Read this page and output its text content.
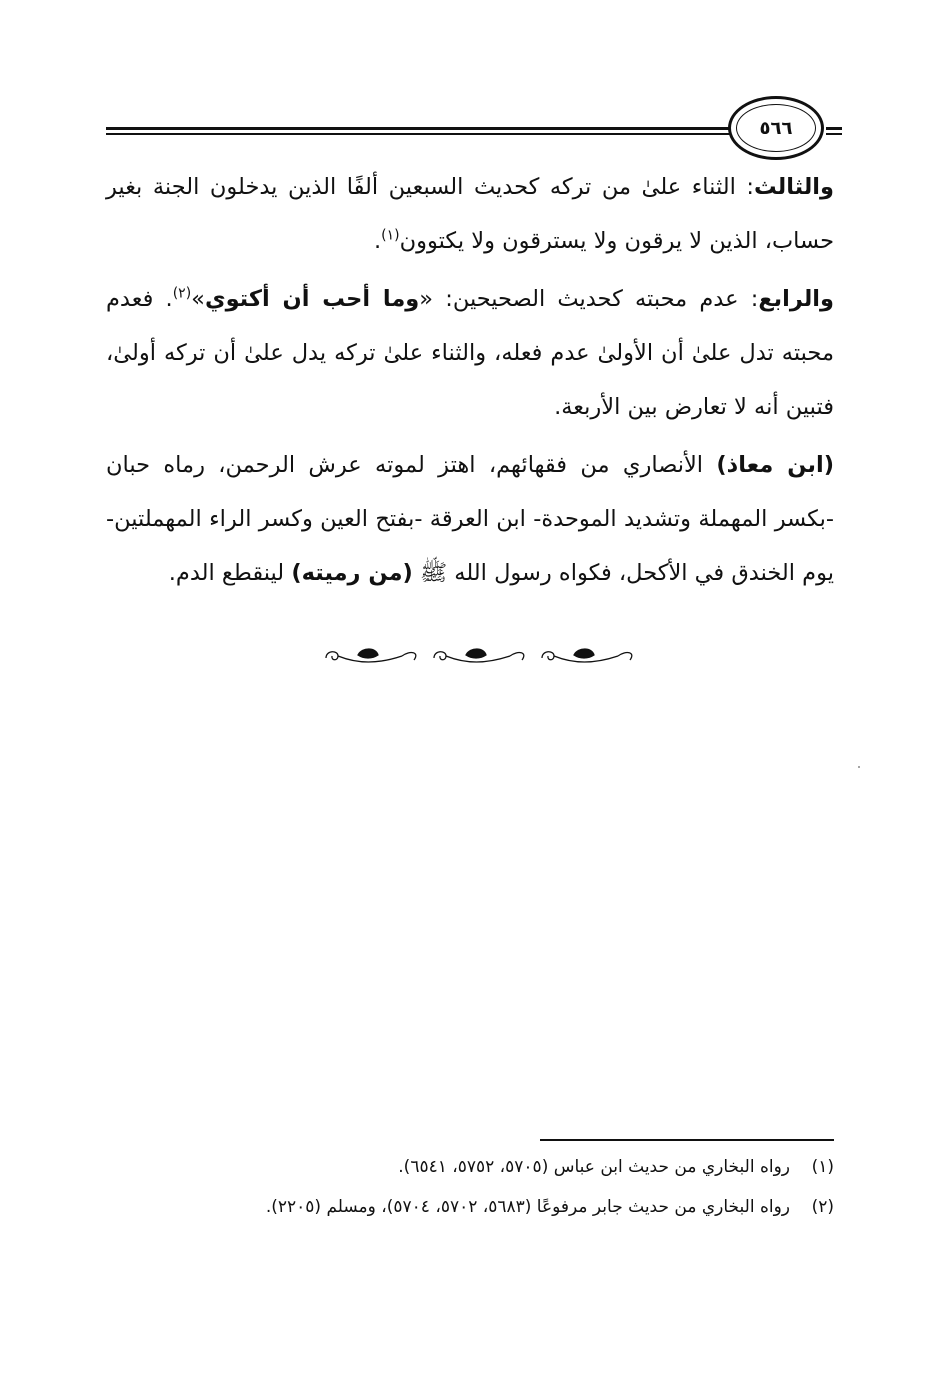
٥٦٦

والثالث: الثناء علىٰ من تركه كحديث السبعين ألفًا الذين يدخلون الجنة بغير حساب، الذين لا يرقون ولا يسترقون ولا يكتوون$^{(١)}$.

والرابع: عدم محبته كحديث الصحيحين: «وما أحب أن أكتوي»$^{(٢)}$. فعدم محبته تدل علىٰ أن الأولىٰ عدم فعله، والثناء علىٰ تركه يدل علىٰ أن تركه أولىٰ، فتبين أنه لا تعارض بين الأربعة.

(ابن معاذ) الأنصاري من فقهائهم، اهتز لموته عرش الرحمن، رماه حبان -بكسر المهملة وتشديد الموحدة- ابن العرقة -بفتح العين وكسر الراء المهملتين- يوم الخندق في الأكحل، فكواه رسول الله ﷺ (من رميته) لينقطع الدم.

(١)
رواه البخاري من حديث ابن عباس (٥٧٠٥، ٥٧٥٢، ٦٥٤١).
(٢)
رواه البخاري من حديث جابر مرفوعًا (٥٦٨٣، ٥٧٠٢، ٥٧٠٤)، ومسلم (٢٢٠٥).
